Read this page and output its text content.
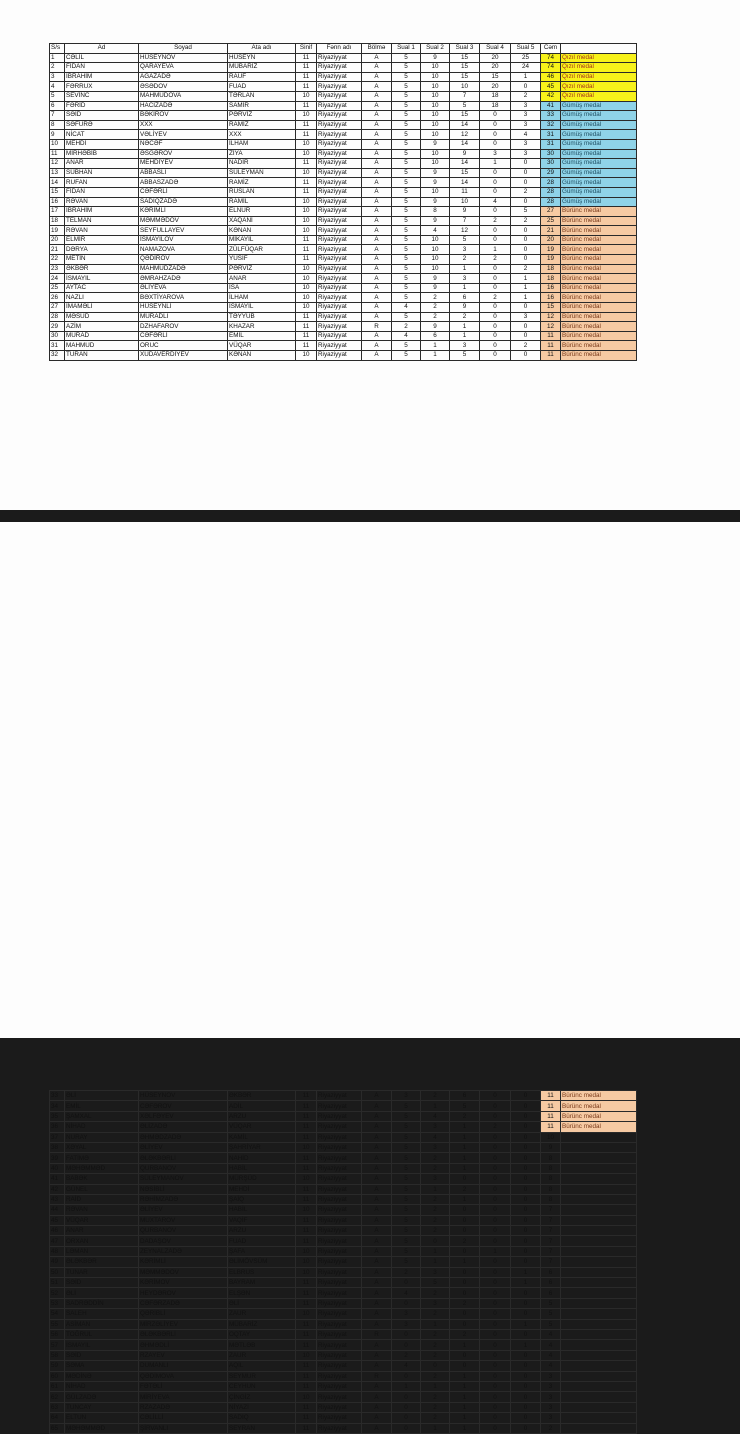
S/s	Ad	Soyad	Ata adı	Sinif	Fənn adı	Bölmə	Sual 1	Sual 2	Sual 3	Sual 4	Sual 5	Cəm	
1	CƏLİL	HÜSEYNOV	HÜSEYN	11	Riyaziyyat	A	5	9	15	20	25	74	Qızıl medal
2	FİDAN	QARAYEVA	MÜBARİZ	11	Riyaziyyat	A	5	10	15	20	24	74	Qızıl medal
3	İBRAHİM	AĞAZADƏ	RAUF	11	Riyaziyyat	A	5	10	15	15	1	46	Qızıl medal
4	FƏRRUX	ƏSƏDOV	FUAD	11	Riyaziyyat	A	5	10	10	20	0	45	Qızıl medal
5	SEVİNC	MAHMUDOVA	TƏRLAN	10	Riyaziyyat	A	5	10	7	18	2	42	Qızıl medal
6	FƏRİD	HACIZADƏ	SAMİR	11	Riyaziyyat	A	5	10	5	18	3	41	Gümüş medal
7	SƏİD	BƏKİROV	PƏRVİZ	10	Riyaziyyat	A	5	10	15	0	3	33	Gümüş medal
8	SƏFURƏ	XXX	RAMİZ	11	Riyaziyyat	A	5	10	14	0	3	32	Gümüş medal
9	NİCAT	VƏLİYEV	XXX	11	Riyaziyyat	A	5	10	12	0	4	31	Gümüş medal
10	MEHDİ	NƏCƏF	İLHAM	10	Riyaziyyat	A	5	9	14	0	3	31	Gümüş medal
11	MİRHƏBİB	ƏSGƏROV	ZİYA	10	Riyaziyyat	A	5	10	9	3	3	30	Gümüş medal
12	ANAR	MEHDİYEV	NADİR	11	Riyaziyyat	A	5	10	14	1	0	30	Gümüş medal
13	SÜBHAN	ABBASLI	SÜLEYMAN	10	Riyaziyyat	A	5	9	15	0	0	29	Gümüş medal
14	RUFAN	ABBASZADƏ	RAMİZ	11	Riyaziyyat	A	5	9	14	0	0	28	Gümüş medal
15	FİDAN	CƏFƏRLİ	RUSLAN	11	Riyaziyyat	A	5	10	11	0	2	28	Gümüş medal
16	RƏVAN	SADIQZADƏ	RAMİL	10	Riyaziyyat	A	5	9	10	4	0	28	Gümüş medal
17	İBRAHİM	KƏRİMLİ	ELNUR	10	Riyaziyyat	A	5	8	9	0	5	27	Bürünc medal
18	TELMAN	MƏMMƏDOV	XAQANİ	10	Riyaziyyat	A	5	9	7	2	2	25	Bürünc medal
19	RƏVAN	SEYFULLAYEV	KƏNAN	10	Riyaziyyat	A	5	4	12	0	0	21	Bürünc medal
20	ELMİR	İSMAYILOV	MİKAYIL	11	Riyaziyyat	A	5	10	5	0	0	20	Bürünc medal
21	DƏRYA	NAMAZOVA	ZÜLFÜQAR	11	Riyaziyyat	A	5	10	3	1	0	19	Bürünc medal
22	METİN	QƏDİROV	YUSİF	11	Riyaziyyat	A	5	10	2	2	0	19	Bürünc medal
23	ƏKBƏR	MAHMUDZADƏ	PƏRVİZ	10	Riyaziyyat	A	5	10	1	0	2	18	Bürünc medal
24	İSMAYIL	ƏMRAHZADƏ	ANAR	10	Riyaziyyat	A	5	9	3	0	1	18	Bürünc medal
25	AYTAC	ƏLİYEVA	İSA	10	Riyaziyyat	A	5	9	1	0	1	16	Bürünc medal
26	NAZLI	BƏXTİYAROVA	İLHAM	10	Riyaziyyat	A	5	2	6	2	1	16	Bürünc medal
27	İMAMƏLİ	HÜSEYNLİ	İSMAYIL	10	Riyaziyyat	A	4	2	9	0	0	15	Bürünc medal
28	MƏSUD	MURADLI	TƏYYUB	11	Riyaziyyat	A	5	2	2	0	3	12	Bürünc medal
29	AZİM	DZHAFAROV	KHAZAR	11	Riyaziyyat	R	2	9	1	0	0	12	Bürünc medal
30	MURAD	CƏFƏRLİ	EMİL	11	Riyaziyyat	A	4	6	1	0	0	11	Bürünc medal
31	MAHMUD	ORUC	VÜQAR	11	Riyaziyyat	A	5	1	3	0	2	11	Bürünc medal
32	TURAN	XUDAVERDİYEV	KƏNAN	10	Riyaziyyat	A	5	1	5	0	0	11	Bürünc medal
33	ƏLİ	HÜSEYNOV	ƏKBƏR	11	Riyaziyyat	A	3	2	6	0	0	11	Bürünc medal
34	EMİL	CƏFƏROV	ADİL	11	Riyaziyyat	A	5	1	5	0	0	11	Bürünc medal
35	ŞAMXAL	XƏLFƏYEV	ARZU	11	Riyaziyyat	A	5	4	2	0	0	11	Bürünc medal
36	NİHAD	ƏLİZADƏ	VÜQAR	11	Riyaziyyat	A	5	3	1	2	0	11	Bürünc medal
37	NURAY	ƏHMƏDZADƏ	KAMİL	11	Riyaziyyat	A	5	4	1	0	0	10	
38	XƏYAL	ƏLİYEV	ŞAHRİYAR	10	Riyaziyyat	A	5	3	1	0	0	9	
39	FATİMƏ	ƏLƏKBƏRLİ	NAHİD	11	Riyaziyyat	A	5	2	1	0	0	8	
40	MƏHƏMMƏD	QURBANOV	HABİL	11	Riyaziyyat	A	5	2	1	0	0	8	
41	BABƏK	SÜLEYMANOV	MÜRŞÜD	10	Riyaziyyat	A	5	3	0	0	0	8	
42	GÜNEL	NƏSİBLİ	MEHDİ	11	Riyaziyyat	A	5	1	2	0	0	8	
43	RAİD	RƏHİMZADƏ	ŞAİQ	11	Riyaziyyat	A	5	2	1	0	0	8	
44	RƏVAN	ƏLİYEV	HABİL	10	Riyaziyyat	A	5	2	0	0	0	7	
45	VÜQAR	MUXTAROV	VAQİF	11	Riyaziyyat	A	5	2	0	0	0	7	
46	ANAR	QURBANOV	ARZU	11	Riyaziyyat	A	5	2	0	0	0	7	
47	ORXAN	DADAŞOV	FUAD	11	Riyaziyyat	A	5	0	2	0	0	7	
48	LƏMAN	ZEYNALZADƏ	ŞAFA	10	Riyaziyyat	A	5	1	0	1	0	7	
49	ƏLƏKBƏR	KƏRİMLİ	ƏLİMÖVSÜM	10	Riyaziyyat	A	5	1	1	0	0	7	
50	TUNAR	MƏMMƏDOV	ELBRUS	10	Riyaziyyat	A	2	3	0	0	1	6	
51	SƏİD	KƏRİMOV	BAYRAM	11	Riyaziyyat	A	0	5	0	0	1	6	
52	ƏLİ	HEYDƏROV	ELŞƏN	11	Riyaziyyat	A	4	2	0	0	0	6	
53	SADRƏDDİN	CƏFƏRZADƏ	ƏLİ	11	Riyaziyyat	A	0	3	2	0	0	5	
54	SALEH	QƏRİBLİ	ZAUR	10	Riyaziyyat	A	3	2	0	0	0	5	
55	ASİMAN	MİRZƏLİYEV	MÜBARİZ	11	Riyaziyyat	A	3	1	0	0	1	5	
56	TOĞRUL	ƏLƏKBƏRLİ	OQTAY	11	Riyaziyyat	R	0	2	2	0	0	4	
57	İSMAYIL	ƏHMƏDLİ	MƏTLƏB	11	Riyaziyyat	A	0	2	1	0	1	4	
58	SƏİD	RZAYEV	ZAUR	10	Riyaziyyat	A	2	2	0	0	0	4	
59	SƏMA	DUMANLI	AQİL	11	Riyaziyyat	A	4	0	0	0	0	4	
60	MƏDİNƏ	QƏDİMOVA	SEYMUR	11	Riyaziyyat	R	0	2	1	0	0	3	
61	NİHAD	FƏTƏLİ	CEYHUN	11	Riyaziyyat	A	1	1	1	0	0	3	
62	GÜLZADƏ	MİRİYEVA	ÇİNGİZ	10	Riyaziyyat	A	0	2	1	0	0	3	
63	TUNCAY	RZAZADƏ	NİYAZİ	11	Riyaziyyat	A	0	2	1	0	0	3	
64	ELTUN	CƏLİLLİ	SADIQ	11	Riyaziyyat	A	0	2	1	0	0	3	
65	MƏHƏMMƏD	ŞİRVANLI	SEYRAN	11	Riyaziyyat	A	0	1	1	0	0	2	
